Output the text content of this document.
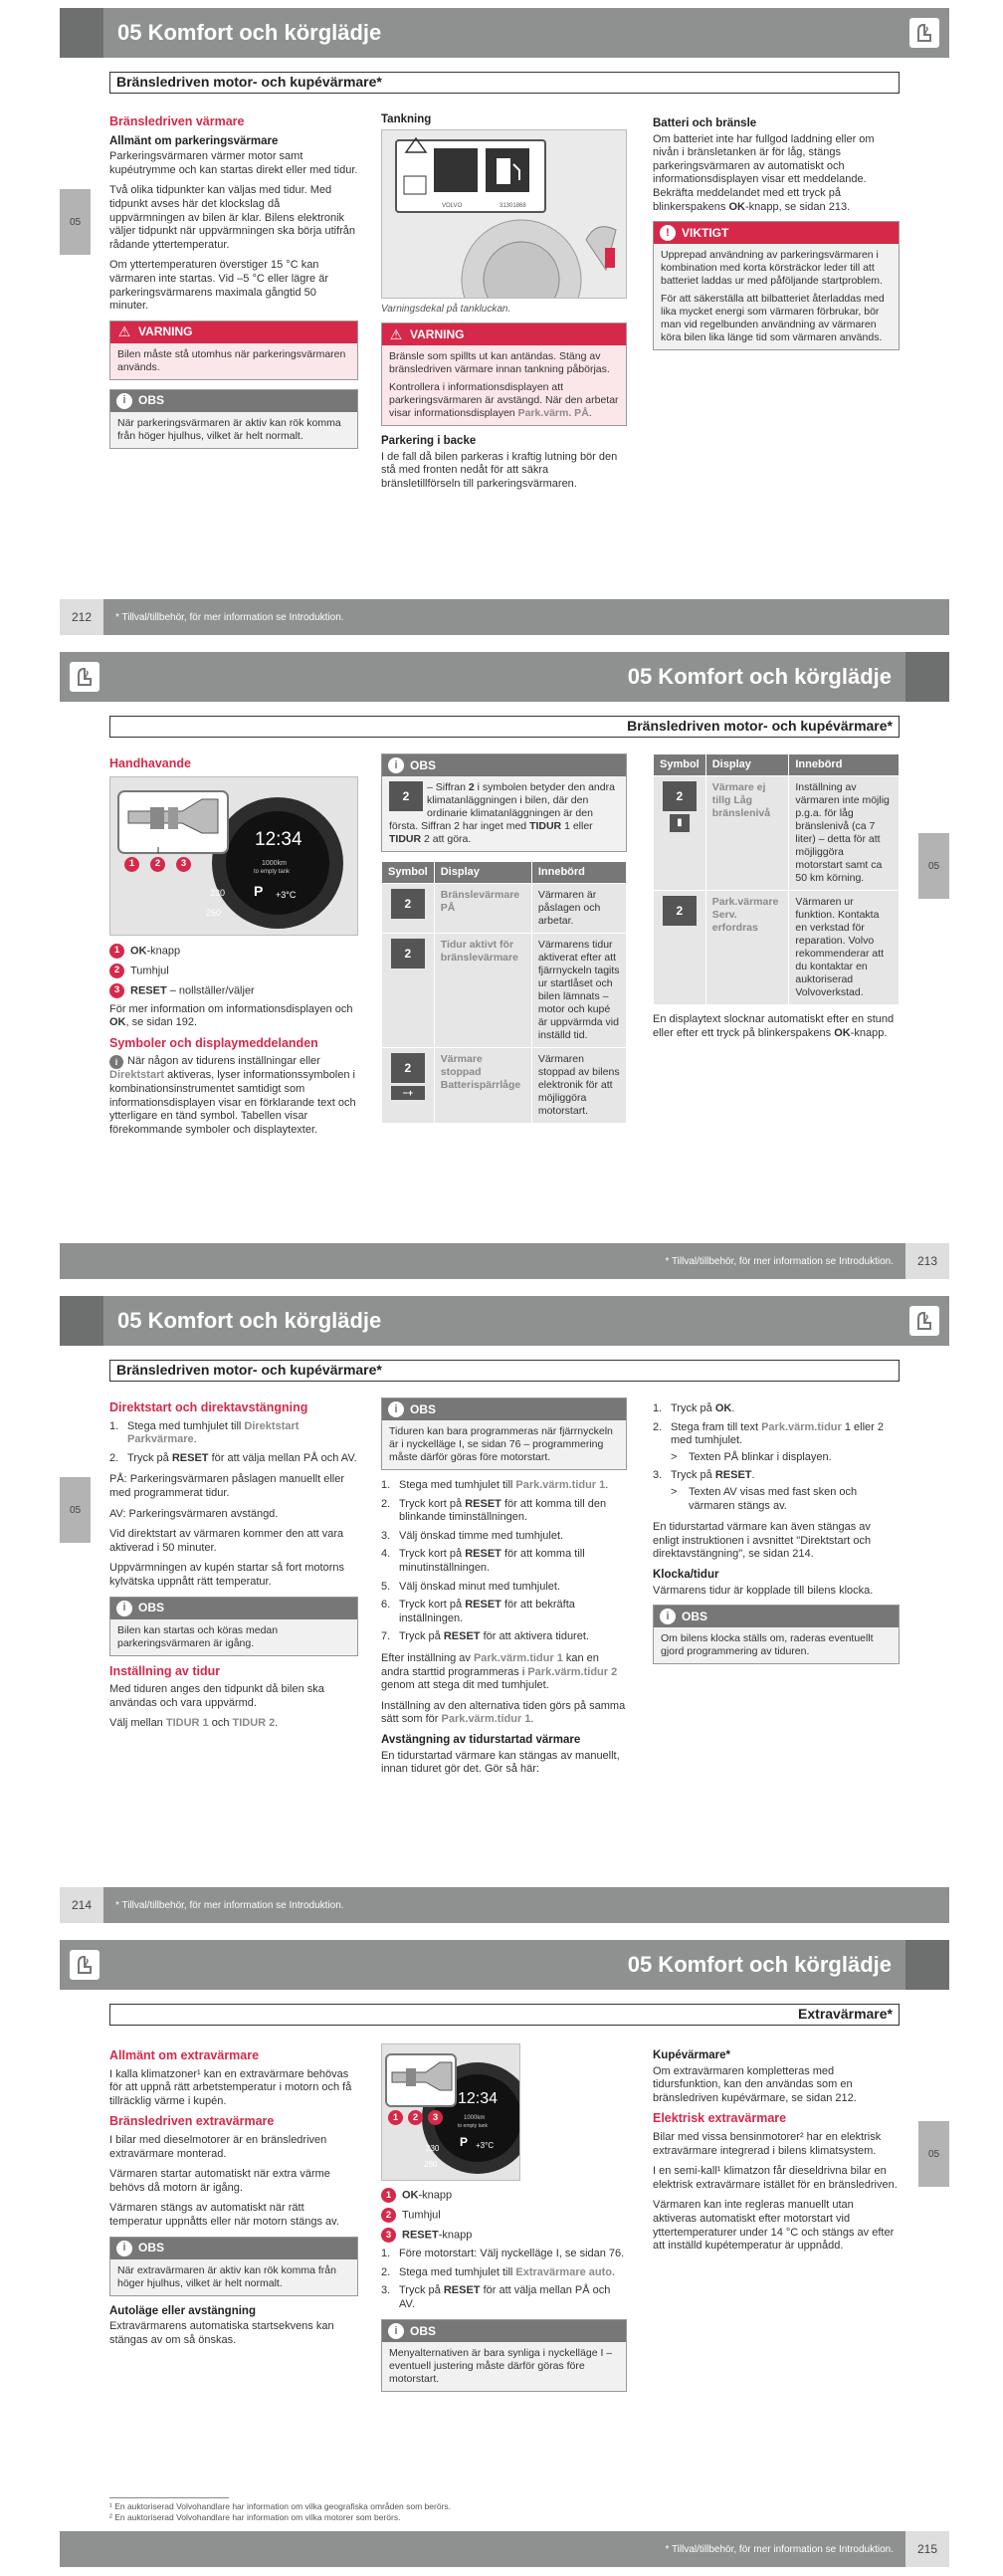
05 Komfort och körglädje
Bränsledriven motor- och kupévärmare*
05
Bränsledriven värmare
Allmänt om parkeringsvärmare

Parkeringsvärmaren värmer motor samt kupéutrymme och kan startas direkt eller med tidur.

Två olika tidpunkter kan väljas med tidur. Med tidpunkt avses här det klockslag då uppvärmningen av bilen är klar. Bilens elektronik väljer tidpunkt när uppvärmningen ska börja utifrån rådande yttertemperatur.

Om yttertemperaturen överstiger 15 °C kan värmaren inte startas. Vid –5 °C eller lägre är parkeringsvärmarens maximala gångtid 50 minuter.

⚠ VARNING
Bilen måste stå utomhus när parkeringsvärmaren används.
i	OBS
När parkeringsvärmaren är aktiv kan rök komma från höger hjulhus, vilket är helt normalt.
Tankning
VOLVO	31301868

Varningsdekal på tankluckan.

⚠ VARNING

Bränsle som spillts ut kan antändas. Stäng av bränsledriven värmare innan tankning påbörjas.

Kontrollera i informationsdisplayen att parkeringsvärmaren är avstängd. När den arbetar visar informationsdisplayen Park.värm. PÅ.

Parkering i backe

I de fall då bilen parkeras i kraftig lutning bör den stå med fronten nedåt för att säkra bränsletillförseln till parkeringsvärmaren.

Batteri och bränsle

Om batteriet inte har fullgod laddning eller om nivån i bränsletanken är för låg, stängs parkeringsvärmaren av automatiskt och informationsdisplayen visar ett meddelande. Bekräfta meddelandet med ett tryck på blinkerspakens OK-knapp, se sidan 213.

!	VIKTIGT

Upprepad användning av parkeringsvärmaren i kombination med korta körsträckor leder till att batteriet laddas ur med påföljande startproblem.

För att säkerställa att bilbatteriet återladdas med lika mycket energi som värmaren förbrukar, bör man vid regelbunden användning av värmaren köra bilen lika länge tid som värmaren används.

212	* Tillval/tillbehör, för mer information se Introduktion.
05 Komfort och körglädje
Bränsledriven motor- och kupévärmare*
05
Handhavande
12:34
1000km
to empty tank
P +3°C
230
260
1	2	3
1 OK-knapp
2 Tumhjul
3 RESET – nollställer/väljer

För mer information om informationsdisplayen och OK, se sidan 192.

Symboler och displaymeddelanden

i När någon av tidurens inställningar eller Direktstart aktiveras, lyser informationssymbolen i kombinationsinstrumentet samtidigt som informationsdisplayen visar en förklarande text och ytterligare en tänd symbol. Tabellen visar förekommande symboler och displaytexter.

i	OBS
2
– Siffran 2 i symbolen betyder den andra klimatanläggningen i bilen, där den ordinarie klimatanläggningen är den första. Siffran 2 har inget med TIDUR 1 eller TIDUR 2 att göra.
Symbol	Display	Innebörd
2	Bränslevärmare PÅ	Värmaren är påslagen och arbetar.
2	Tidur aktivt för bränslevärmare	Värmarens tidur aktiverat efter att fjärrnyckeln tagits ur startlåset och bilen lämnats – motor och kupé är uppvärmda vid inställd tid.
2
−+	Värmare stoppad Batterispärrlåge	Värmaren stoppad av bilens elektronik för att möjliggöra motorstart.
Symbol	Display	Innebörd
2
▮	Värmare ej tillg Låg bränslenivå	Inställning av värmaren inte möjlig p.g.a. för låg bränslenivå (ca 7 liter) – detta för att möjliggöra motorstart samt ca 50 km körning.
2	Park.värmare Serv. erfordras	Värmaren ur funktion. Kontakta en verkstad för reparation. Volvo rekommenderar att du kontaktar en auktoriserad Volvoverkstad.

En displaytext slocknar automatiskt efter en stund eller efter ett tryck på blinkerspakens OK-knapp.

* Tillval/tillbehör, för mer information se Introduktion.	213
05 Komfort och körglädje
Bränsledriven motor- och kupévärmare*
05
Direktstart och direktavstängning
1. Stega med tumhjulet till Direktstart Parkvärmare.
2. Tryck på RESET för att välja mellan PÅ och AV.

PÅ: Parkeringsvärmaren påslagen manuellt eller med programmerat tidur.

AV: Parkeringsvärmaren avstängd.

Vid direktstart av värmaren kommer den att vara aktiverad i 50 minuter.

Uppvärmningen av kupén startar så fort motorns kylvätska uppnått rätt temperatur.

i	OBS
Bilen kan startas och köras medan parkeringsvärmaren är igång.
Inställning av tidur

Med tiduren anges den tidpunkt då bilen ska användas och vara uppvärmd.

Välj mellan TIDUR 1 och TIDUR 2.

i	OBS
Tiduren kan bara programmeras när fjärrnyckeln är i nyckelläge I, se sidan 76 – programmering måste därför göras före motorstart.
1. Stega med tumhjulet till Park.värm.tidur 1.
2. Tryck kort på RESET för att komma till den blinkande timinställningen.
3. Välj önskad timme med tumhjulet.
4. Tryck kort på RESET för att komma till minutinställningen.
5. Välj önskad minut med tumhjulet.
6. Tryck kort på RESET för att bekräfta inställningen.
7. Tryck på RESET för att aktivera tiduret.

Efter inställning av Park.värm.tidur 1 kan en andra starttid programmeras i Park.värm.tidur 2 genom att stega dit med tumhjulet.

Inställning av den alternativa tiden görs på samma sätt som för Park.värm.tidur 1.

Avstängning av tidurstartad värmare

En tidurstartad värmare kan stängas av manuellt, innan tiduret gör det. Gör så här:

1. Tryck på OK.
2. Stega fram till text Park.värm.tidur 1 eller 2 med tumhjulet.
> Texten PÅ blinkar i displayen.
3. Tryck på RESET.
> Texten AV visas med fast sken och värmaren stängs av.

En tidurstartad värmare kan även stängas av enligt instruktionen i avsnittet "Direktstart och direktavstängning", se sidan 214.

Klocka/tidur

Värmarens tidur är kopplade till bilens klocka.

i	OBS
Om bilens klocka ställs om, raderas eventuellt gjord programmering av tiduren.
214	* Tillval/tillbehör, för mer information se Introduktion.
05 Komfort och körglädje
Extravärmare*
05
Allmänt om extravärmare

I kalla klimatzoner¹ kan en extravärmare behövas för att uppnå rätt arbetstemperatur i motorn och få tillräcklig värme i kupén.

Bränsledriven extravärmare

I bilar med dieselmotorer är en bränsledriven extravärmare monterad.

Värmaren startar automatiskt när extra värme behövs då motorn är igång.

Värmaren stängs av automatiskt när rätt temperatur uppnåtts eller när motorn stängs av.

i	OBS
När extravärmaren är aktiv kan rök komma från höger hjulhus, vilket är helt normalt.
Autoläge eller avstängning

Extravärmarens automatiska startsekvens kan stängas av om så önskas.

12:34
1000km
to empty tank
P +3°C
230
260
1	2	3
1 OK-knapp
2 Tumhjul
3 RESET-knapp
1. Före motorstart: Välj nyckelläge I, se sidan 76.
2. Stega med tumhjulet till Extravärmare auto.
3. Tryck på RESET för att välja mellan PÅ och AV.
i	OBS
Menyalternativen är bara synliga i nyckelläge I – eventuell justering måste därför göras före motorstart.
Kupévärmare*

Om extravärmaren kompletteras med tidursfunktion, kan den användas som en bränsledriven kupévärmare, se sidan 212.

Elektrisk extravärmare

Bilar med vissa bensinmotorer² har en elektrisk extravärmare integrerad i bilens klimatsystem.

I en semi-kall¹ klimatzon får dieseldrivna bilar en elektrisk extravärmare istället för en bränsledriven.

Värmaren kan inte regleras manuellt utan aktiveras automatiskt efter motorstart vid yttertemperaturer under 14 °C och stängs av efter att inställd kupétemperatur är uppnådd.

¹ En auktoriserad Volvohandlare har information om vilka geografiska områden som berörs.
² En auktoriserad Volvohandlare har information om vilka motorer som berörs.
* Tillval/tillbehör, för mer information se Introduktion.	215
